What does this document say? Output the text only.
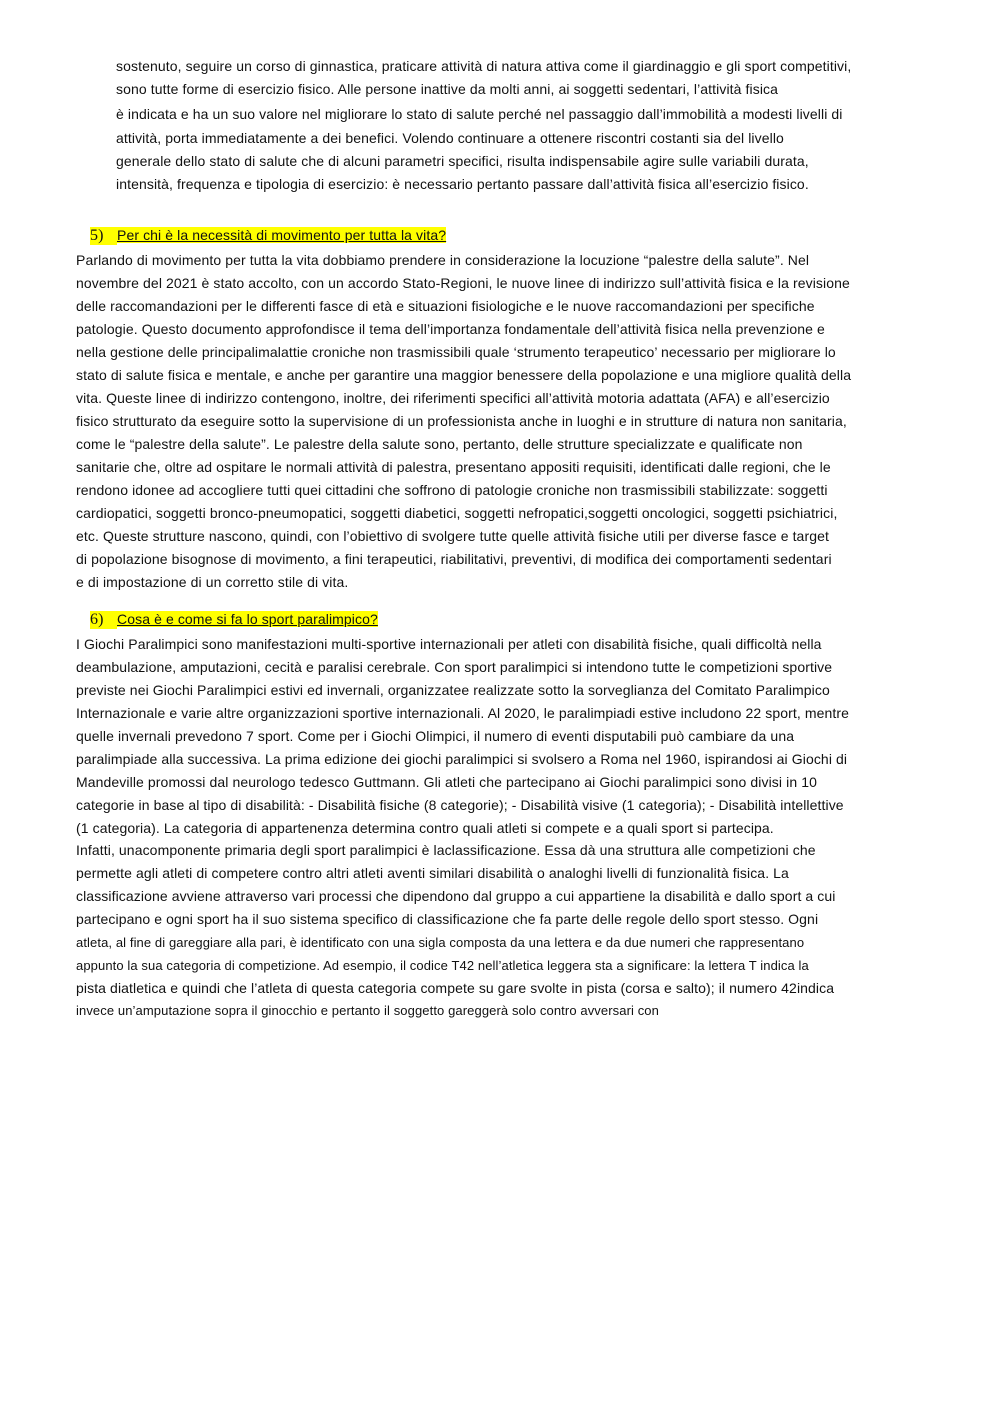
sostenuto, seguire un corso di ginnastica, praticare attività di natura attiva come il giardinaggio e gli sport competitivi,
sono tutte forme di esercizio fisico. Alle persone inattive da molti anni, ai soggetti sedentari, l’attività fisica
è indicata e ha un suo valore nel migliorare lo stato di salute perché nel passaggio dall’immobilità a modesti livelli di
attività, porta immediatamente a dei benefici. Volendo continuare a ottenere riscontri costanti sia del livello
generale dello stato di salute che di alcuni parametri specifici, risulta indispensabile agire sulle variabili durata,
intensità, frequenza e tipologia di esercizio: è necessario pertanto passare dall’attività fisica all’esercizio fisico.
5) Per chi è la necessità di movimento per tutta la vita?
Parlando di movimento per tutta la vita dobbiamo prendere in considerazione la locuzione “palestre della salute”. Nel
novembre del 2021 è stato accolto, con un accordo Stato-Regioni, le nuove linee di indirizzo sull’attività fisica e la revisione
delle raccomandazioni per le differenti fasce di età e situazioni fisiologiche e le nuove raccomandazioni per specifiche
patologie. Questo documento approfondisce il tema dell’importanza fondamentale dell’attività fisica nella prevenzione e
nella gestione delle principalimalattie croniche non trasmissibili quale ‘strumento terapeutico’ necessario per migliorare lo
stato di salute fisica e mentale, e anche per garantire una maggior benessere della popolazione e una migliore qualità della
vita. Queste linee di indirizzo contengono, inoltre, dei riferimenti specifici all’attività motoria adattata (AFA) e all’esercizio
fisico strutturato da eseguire sotto la supervisione di un professionista anche in luoghi e in strutture di natura non sanitaria,
come le “palestre della salute”. Le palestre della salute sono, pertanto, delle strutture specializzate e qualificate non
sanitarie che, oltre ad ospitare le normali attività di palestra, presentano appositi requisiti, identificati dalle regioni, che le
rendono idonee ad accogliere tutti quei cittadini che soffrono di patologie croniche non trasmissibili stabilizzate: soggetti
cardiopatici, soggetti bronco-pneumopatici, soggetti diabetici, soggetti nefropatici,soggetti oncologici, soggetti psichiatrici,
etc. Queste strutture nascono, quindi, con l’obiettivo di svolgere tutte quelle attività fisiche utili per diverse fasce e target
di popolazione bisognose di movimento, a fini terapeutici, riabilitativi, preventivi, di modifica dei comportamenti sedentari
e di impostazione di un corretto stile di vita.
6) Cosa è e come si fa lo sport paralimpico?
I Giochi Paralimpici sono manifestazioni multi-sportive internazionali per atleti con disabilità fisiche, quali difficoltà nella
deambulazione, amputazioni, cecità e paralisi cerebrale. Con sport paralimpici si intendono tutte le competizioni sportive
previste nei Giochi Paralimpici estivi ed invernali, organizzatee realizzate sotto la sorveglianza del Comitato Paralimpico
Internazionale e varie altre organizzazioni sportive internazionali. Al 2020, le paralimpiadi estive includono 22 sport, mentre
quelle invernali prevedono 7 sport. Come per i Giochi Olimpici, il numero di eventi disputabili può cambiare da una
paralimpiade alla successiva. La prima edizione dei giochi paralimpici si svolsero a Roma nel 1960, ispirandosi ai Giochi di
Mandeville promossi dal neurologo tedesco Guttmann. Gli atleti che partecipano ai Giochi paralimpici sono divisi in 10
categorie in base al tipo di disabilità: - Disabilità fisiche (8 categorie); - Disabilità visive (1 categoria); - Disabilità intellettive
(1 categoria). La categoria di appartenenza determina contro quali atleti si compete e a quali sport si partecipa.
Infatti, unacomponente primaria degli sport paralimpici è laclassificazione. Essa dà una struttura alle competizioni che
permette agli atleti di competere contro altri atleti aventi similari disabilità o analoghi livelli di funzionalità fisica. La
classificazione avviene attraverso vari processi che dipendono dal gruppo a cui appartiene la disabilità e dallo sport a cui
partecipano e ogni sport ha il suo sistema specifico di classificazione che fa parte delle regole dello sport stesso. Ogni
atleta, al fine di gareggiare alla pari, è identificato con una sigla composta da una lettera e da due numeri che rappresentano
appunto la sua categoria di competizione. Ad esempio, il codice T42 nell’atletica leggera sta a significare: la lettera T indica la
pista diatletica e quindi che l’atleta di questa categoria compete su gare svolte in pista (corsa e salto); il numero 42indica
invece un’amputazione sopra il ginocchio e pertanto il soggetto gareggerà solo contro avversari con
